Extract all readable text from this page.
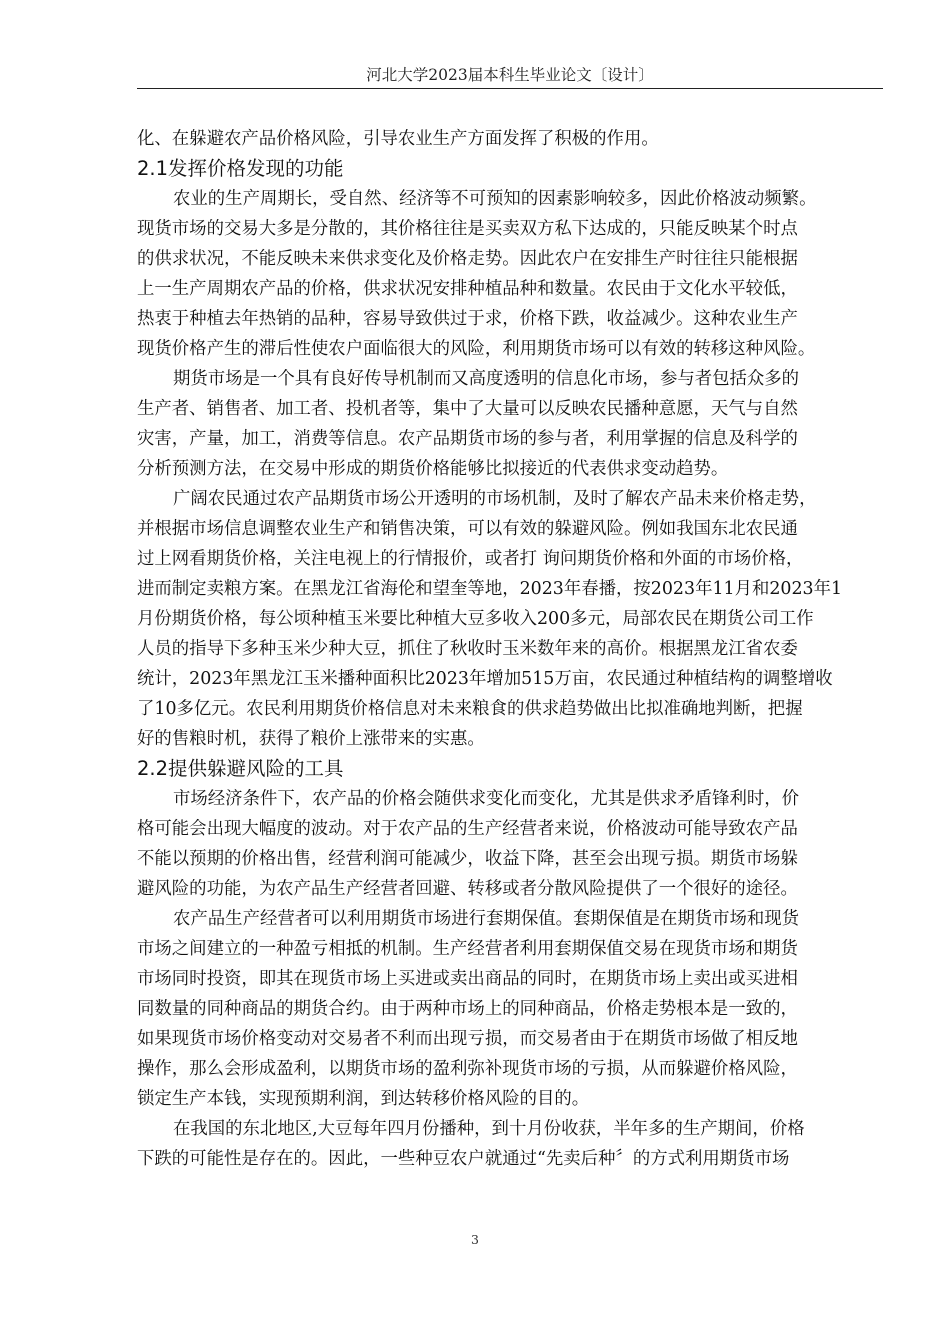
河北大学2023届本科生毕业论文〔设计〕
化、在躲避农产品价格风险，引导农业生产方面发挥了积极的作用。
2.1发挥价格发现的功能
农业的生产周期长，受自然、经济等不可预知的因素影响较多，因此价格波动频繁。
现货市场的交易大多是分散的，其价格往往是买卖双方私下达成的，只能反映某个时点
的供求状况，不能反映未来供求变化及价格走势。因此农户在安排生产时往往只能根据
上一生产周期农产品的价格，供求状况安排种植品种和数量。农民由于文化水平较低，
热衷于种植去年热销的品种，容易导致供过于求，价格下跌，收益减少。这种农业生产
现货价格产生的滞后性使农户面临很大的风险，利用期货市场可以有效的转移这种风险。
期货市场是一个具有良好传导机制而又高度透明的信息化市场，参与者包括众多的
生产者、销售者、加工者、投机者等，集中了大量可以反映农民播种意愿，天气与自然
灾害，产量，加工，消费等信息。农产品期货市场的参与者，利用掌握的信息及科学的
分析预测方法，在交易中形成的期货价格能够比拟接近的代表供求变动趋势。
广阔农民通过农产品期货市场公开透明的市场机制，及时了解农产品未来价格走势，
并根据市场信息调整农业生产和销售决策，可以有效的躲避风险。例如我国东北农民通
过上网看期货价格，关注电视上的行情报价，或者打 询问期货价格和外面的市场价格，
进而制定卖粮方案。在黑龙江省海伦和望奎等地，2023年春播，按2023年11月和2023年1
月份期货价格，每公顷种植玉米要比种植大豆多收入200多元，局部农民在期货公司工作
人员的指导下多种玉米少种大豆，抓住了秋收时玉米数年来的高价。根据黑龙江省农委
统计，2023年黑龙江玉米播种面积比2023年增加515万亩，农民通过种植结构的调整增收
了10多亿元。农民利用期货价格信息对未来粮食的供求趋势做出比拟准确地判断，把握
好的售粮时机，获得了粮价上涨带来的实惠。
2.2提供躲避风险的工具
市场经济条件下，农产品的价格会随供求变化而变化，尤其是供求矛盾锋利时，价
格可能会出现大幅度的波动。对于农产品的生产经营者来说，价格波动可能导致农产品
不能以预期的价格出售，经营利润可能减少，收益下降，甚至会出现亏损。期货市场躲
避风险的功能，为农产品生产经营者回避、转移或者分散风险提供了一个很好的途径。
农产品生产经营者可以利用期货市场进行套期保值。套期保值是在期货市场和现货
市场之间建立的一种盈亏相抵的机制。生产经营者利用套期保值交易在现货市场和期货
市场同时投资，即其在现货市场上买进或卖出商品的同时，在期货市场上卖出或买进相
同数量的同种商品的期货合约。由于两种市场上的同种商品，价格走势根本是一致的，
如果现货市场价格变动对交易者不利而出现亏损，而交易者由于在期货市场做了相反地
操作，那么会形成盈利，以期货市场的盈利弥补现货市场的亏损，从而躲避价格风险，
锁定生产本钱，实现预期利润，到达转移价格风险的目的。
在我国的东北地区,大豆每年四月份播种，到十月份收获，半年多的生产期间，价格
下跌的可能性是存在的。因此，一些种豆农户就通过“先卖后种〞的方式利用期货市场
3
